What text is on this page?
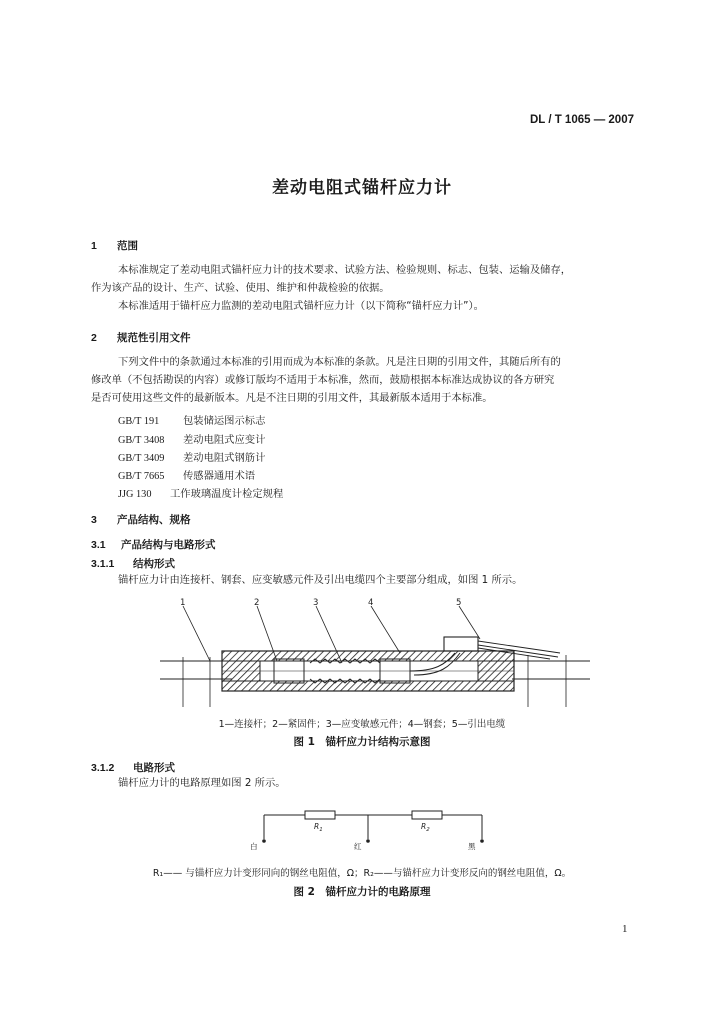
DL / T 1065 — 2007
差动电阻式锚杆应力计
1 范围
本标准规定了差动电阻式锚杆应力计的技术要求、试验方法、检验规则、标志、包装、运输及储存，
作为该产品的设计、生产、试验、使用、维护和仲裁检验的依据。
本标准适用于锚杆应力监测的差动电阻式锚杆应力计（以下简称“锚杆应力计”）。
2 规范性引用文件
下列文件中的条款通过本标准的引用而成为本标准的条款。凡是注日期的引用文件，其随后所有的
修改单（不包括勘误的内容）或修订版均不适用于本标准，然而，鼓励根据本标准达成协议的各方研究
是否可使用这些文件的最新版本。凡是不注日期的引用文件，其最新版本适用于本标准。
GB/T 191 包装储运图示标志
GB/T 3408 差动电阻式应变计
GB/T 3409 差动电阻式钢筋计
GB/T 7665 传感器通用术语
JJG 130 工作玻璃温度计检定规程
3 产品结构、规格
3.1 产品结构与电路形式
3.1.1 结构形式
锚杆应力计由连接杆、钢套、应变敏感元件及引出电缆四个主要部分组成，如图 1 所示。
1	2	3	4	5
1—连接杆；2—紧固件；3—应变敏感元件；4—钢套；5—引出电缆
图 1　锚杆应力计结构示意图
3.1.2 电路形式
锚杆应力计的电路原理如图 2 所示。
$R_1$	$R_2$
白	红	黑
R₁—— 与锚杆应力计变形同向的钢丝电阻值，Ω；R₂——与锚杆应力计变形反向的钢丝电阻值，Ω。
图 2　锚杆应力计的电路原理
1
